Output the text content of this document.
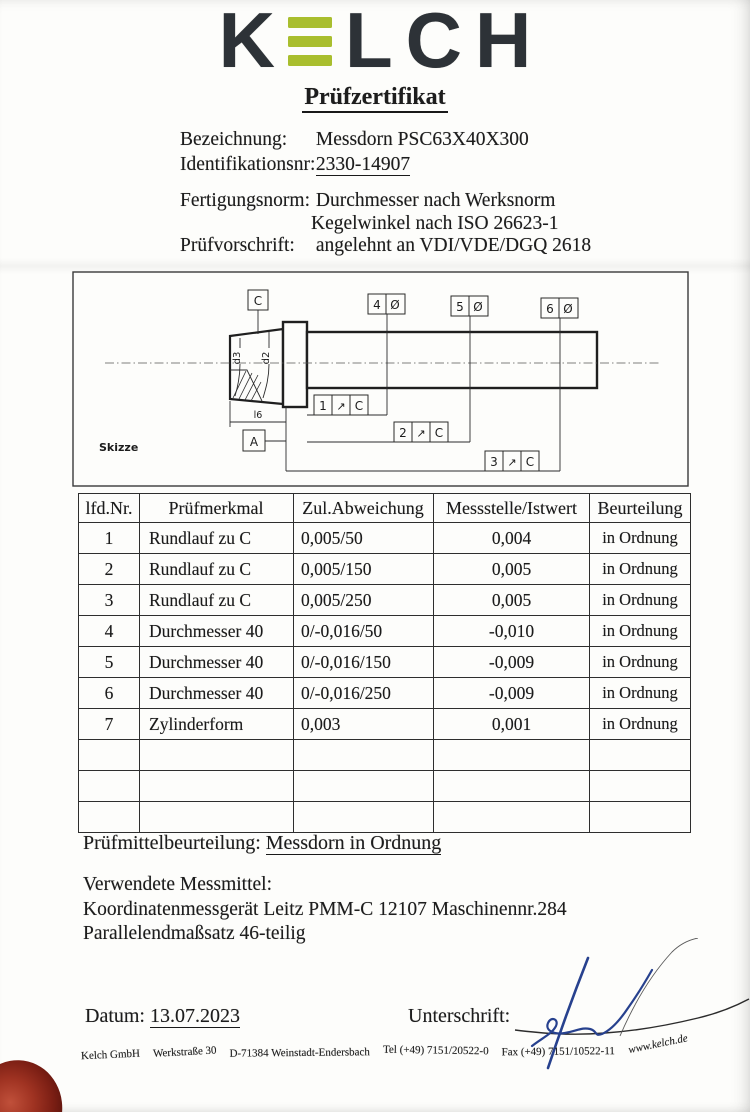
K L C H
Prüfzertifikat
Bezeichnung: Messdorn PSC63X40X300
Identifikationsnr: 2330-14907
Fertigungsnorm: Durchmesser nach Werksnorm
Kegelwinkel nach ISO 26623-1
Prüfvorschrift: angelehnt an VDI/VDE/DGQ 2618
C
A
d3 d2
l6
4 Ø	5 Ø	6 Ø
1 ↗ C
2 ↗ C
3 ↗ C
Skizze
lfd.Nr.	Prüfmerkmal	Zul.Abweichung	Messstelle/Istwert	Beurteilung
1	Rundlauf zu C	0,005/50	0,004	in Ordnung
2	Rundlauf zu C	0,005/150	0,005	in Ordnung
3	Rundlauf zu C	0,005/250	0,005	in Ordnung
4	Durchmesser 40	0/-0,016/50	-0,010	in Ordnung
5	Durchmesser 40	0/-0,016/150	-0,009	in Ordnung
6	Durchmesser 40	0/-0,016/250	-0,009	in Ordnung
7	Zylinderform	0,003	0,001	in Ordnung

Prüfmittelbeurteilung: Messdorn in Ordnung
Verwendete Messmittel:
Koordinatenmessgerät Leitz PMM-C 12107 Maschinennr.284
Parallelendmaßsatz 46-teilig
Datum: 13.07.2023	Unterschrift:
Kelch GmbH Werkstraße 30 D-71384 Weinstadt-Endersbach Tel (+49) 7151/20522-0 Fax (+49) 7151/10522-11 www.kelch.de
